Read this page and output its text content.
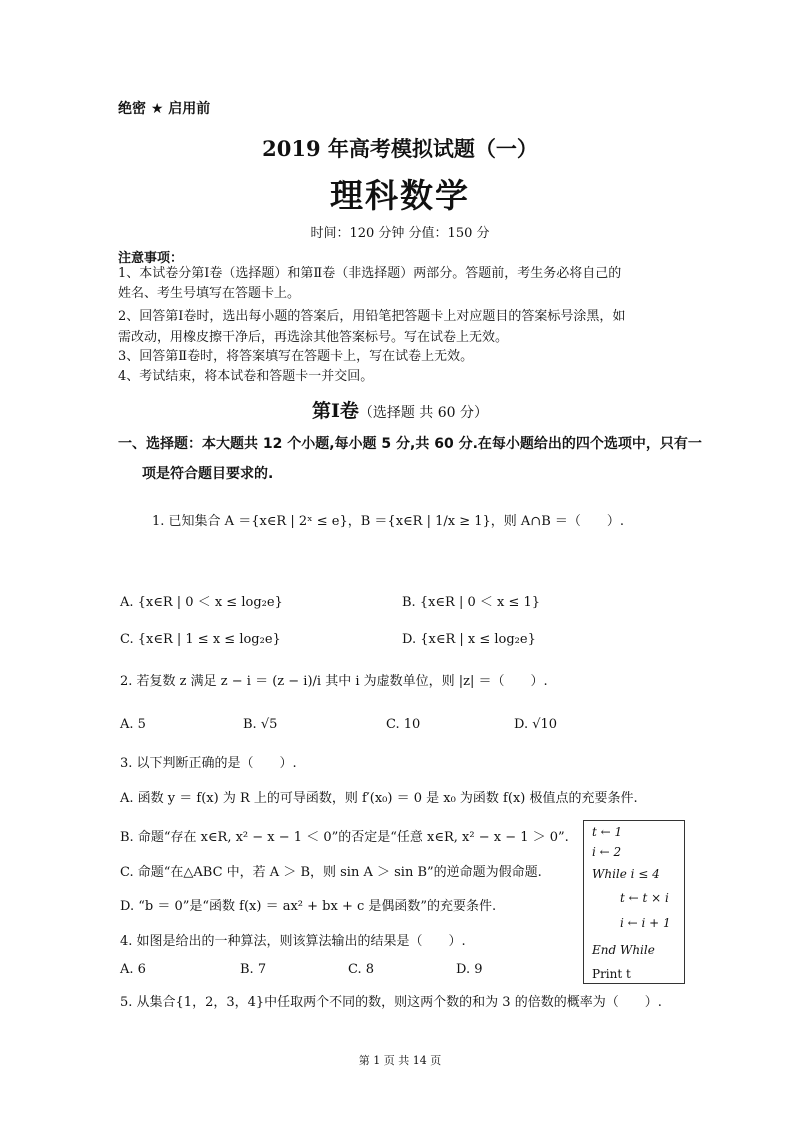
绝密 ★ 启用前
2019 年高考模拟试题（一）
理科数学
时间：120 分钟 分值：150 分
注意事项：
1、本试卷分第Ⅰ卷（选择题）和第Ⅱ卷（非选择题）两部分。答题前，考生务必将自己的
姓名、考生号填写在答题卡上。
2、回答第Ⅰ卷时，选出每小题的答案后，用铅笔把答题卡上对应题目的答案标号涂黑，如
需改动，用橡皮擦干净后，再选涂其他答案标号。写在试卷上无效。
3、回答第Ⅱ卷时，将答案填写在答题卡上，写在试卷上无效。
4、考试结束，将本试卷和答题卡一并交回。
第Ⅰ卷（选择题 共 60 分）
一、选择题：本大题共 12 个小题,每小题 5 分,共 60 分.在每小题给出的四个选项中，只有一
项是符合题目要求的.
1. 已知集合 A ＝{x∈R | 2ˣ ≤ e}，B ＝{x∈R | 1/x ≥ 1}，则 A∩B ＝（　　）.
A. {x∈R | 0 ＜ x ≤ log₂e}	B. {x∈R | 0 ＜ x ≤ 1}
C. {x∈R | 1 ≤ x ≤ log₂e}	D. {x∈R | x ≤ log₂e}
2. 若复数 z 满足 z − i ＝ (z − i)/i 其中 i 为虚数单位，则 |z| ＝（　　）.
A. 5	B. √5	C. 10	D. √10
3. 以下判断正确的是（　　）.
A. 函数 y ＝ f(x) 为 R 上的可导函数，则 f′(x₀) ＝ 0 是 x₀ 为函数 f(x) 极值点的充要条件.
B. 命题“存在 x∈R, x² − x − 1 ＜ 0”的否定是“任意 x∈R, x² − x − 1 ＞ 0”.
C. 命题“在△ABC 中，若 A ＞ B，则 sin A ＞ sin B”的逆命题为假命题.
D. “b ＝ 0”是“函数 f(x) ＝ ax² + bx + c 是偶函数”的充要条件.
4. 如图是给出的一种算法，则该算法输出的结果是（　　）.
A. 6	B. 7	C. 8	D. 9
5. 从集合{1，2，3，4}中任取两个不同的数，则这两个数的和为 3 的倍数的概率为（　　）.
t ← 1
i ← 2
While i ≤ 4
t ← t × i
i ← i + 1
End While
Print t
第 1 页 共 14 页
